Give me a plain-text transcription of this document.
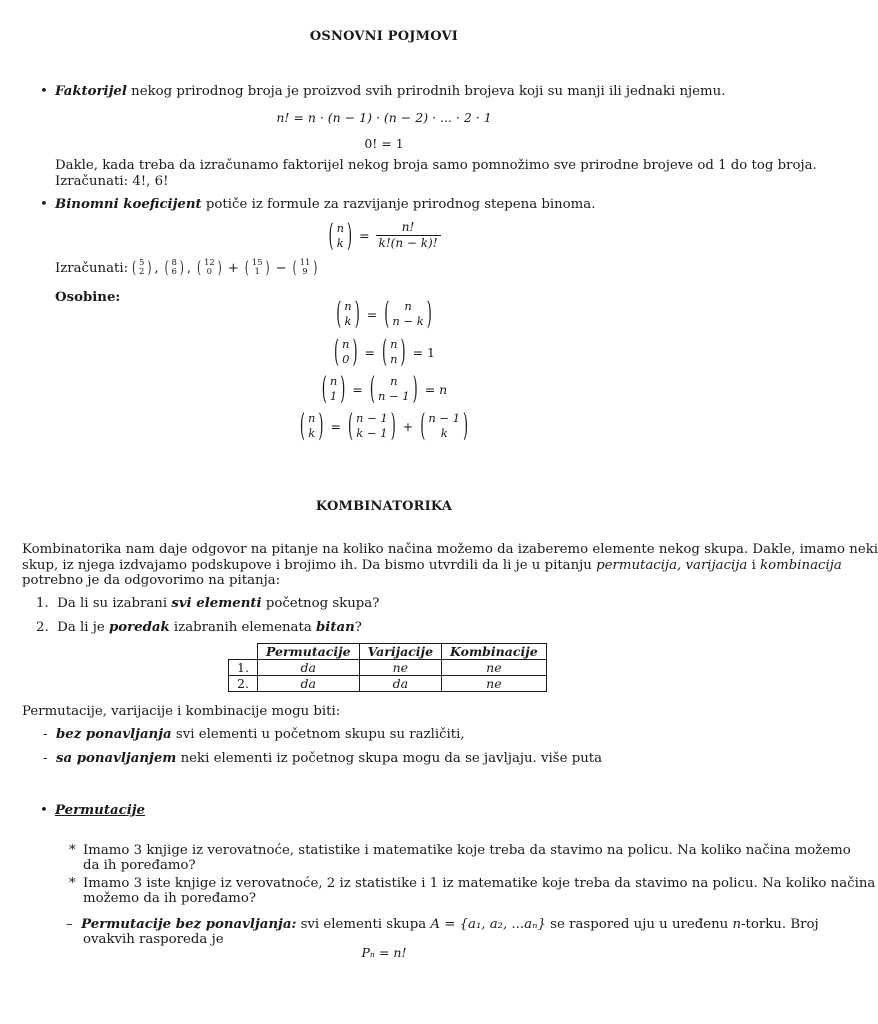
OSNOVNI POJMOVI
• Faktorijel nekog prirodnog broja je proizvod svih prirodnih brojeva koji su manji ili jednaki njemu.
n! = n · (n − 1) · (n − 2) · ... · 2 · 1
0! = 1
Dakle, kada treba da izračunamo faktorijel nekog broja samo pomnožimo sve prirodne brojeve od 1 do tog broja.
Izračunati: 4!, 6!
• Binomni koeficijent potiče iz formule za razvijanje prirodnog stepena binoma.
( n
k ) = $\frac{n!}{k!(n - k)!}$
Izračunati: ( 5
2 ) , ( 8
6 ) , ( 12
0 ) + ( 15
1 ) − ( 11
9 )
Osobine:	( n
k ) = ( n
n − k )
( n
0 ) = ( n
n ) = 1
( n
1 ) = ( n
n − 1 ) = n
( n
k ) = ( n − 1
k − 1 ) + ( n − 1
k )
KOMBINATORIKA
Kombinatorika nam daje odgovor na pitanje na koliko načina možemo da izaberemo elemente nekog skupa. Dakle, imamo neki
skup, iz njega izdvajamo podskupove i brojimo ih. Da bismo utvrdili da li je u pitanju permutacija, varijacija i kombinacija
potrebno je da odgovorimo na pitanja:
1. Da li su izabrani svi elementi početnog skupa?
2. Da li je poredak izabranih elemenata bitan?
	Permutacije	Varijacije	Kombinacije
1.	da	ne	ne
2.	da	da	ne
Permutacije, varijacije i kombinacije mogu biti:
- bez ponavljanja svi elementi u početnom skupu su različiti,
- sa ponavljanjem neki elementi iz početnog skupa mogu da se javljaju. više puta
• Permutacije
* Imamo 3 knjige iz verovatnoće, statistike i matematike koje treba da stavimo na policu. Na koliko načina možemo
da ih poređamo?
* Imamo 3 iste knjige iz verovatnoće, 2 iz statistike i 1 iz matematike koje treba da stavimo na policu. Na koliko načina
možemo da ih poređamo?
– Permutacije bez ponavljanja: svi elementi skupa A = {a₁, a₂, ...aₙ} se raspored uju u uređenu n-torku. Broj
ovakvih rasporeda je
Pₙ = n!
